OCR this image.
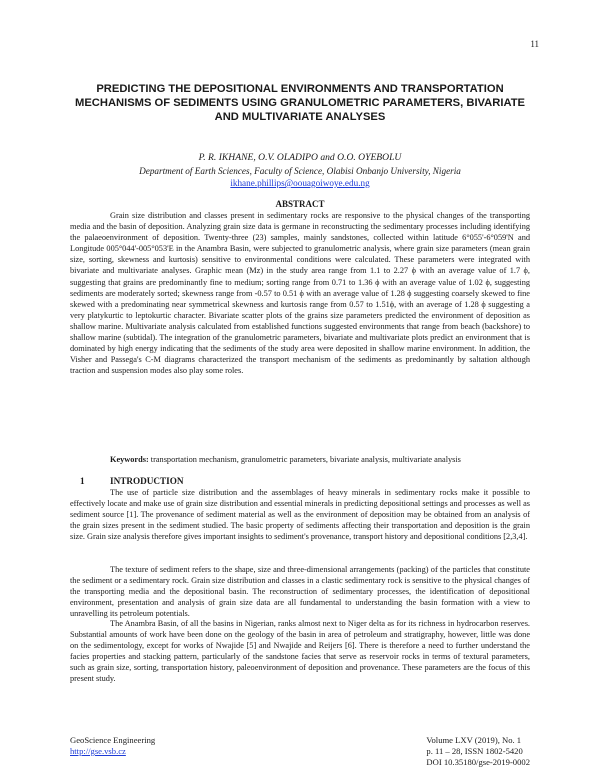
11
PREDICTING THE DEPOSITIONAL ENVIRONMENTS AND TRANSPORTATION MECHANISMS OF SEDIMENTS USING GRANULOMETRIC PARAMETERS, BIVARIATE AND MULTIVARIATE ANALYSES
P. R. IKHANE, O.V. OLADIPO and O.O. OYEBOLU
Department of Earth Sciences, Faculty of Science, Olabisi Onbanjo University, Nigeria
ikhane.phillips@oouagoiwoye.edu.ng
ABSTRACT

Grain size distribution and classes present in sedimentary rocks are responsive to the physical changes of the transporting media and the basin of deposition. Analyzing grain size data is germane in reconstructing the sedimentary processes including identifying the palaeoenvironment of deposition. Twenty-three (23) samples, mainly sandstones, collected within latitude 6°055'-6°059'N and Longitude 005°044'-005°053'E in the Anambra Basin, were subjected to granulometric analysis, where grain size parameters (mean grain size, sorting, skewness and kurtosis) sensitive to environmental conditions were calculated. These parameters were integrated with bivariate and multivariate analyses. Graphic mean (Mz) in the study area range from 1.1 to 2.27 ϕ with an average value of 1.7 ϕ, suggesting that grains are predominantly fine to medium; sorting range from 0.71 to 1.36 ϕ with an average value of 1.02 ϕ, suggesting sediments are moderately sorted; skewness range from -0.57 to 0.51 ϕ with an average value of 1.28 ϕ suggesting coarsely skewed to fine skewed with a predominating near symmetrical skewness and kurtosis range from 0.57 to 1.51ϕ, with an average of 1.28 ϕ suggesting a very platykurtic to leptokurtic character. Bivariate scatter plots of the grains size parameters predicted the environment of deposition as shallow marine. Multivariate analysis calculated from established functions suggested environments that range from beach (backshore) to shallow marine (subtidal). The integration of the granulometric parameters, bivariate and multivariate plots predict an environment that is dominated by high energy indicating that the sediments of the study area were deposited in shallow marine environment. In addition, the Visher and Passega's C-M diagrams characterized the transport mechanism of the sediments as predominantly by saltation although traction and suspension modes also play some roles.

Keywords: transportation mechanism, granulometric parameters, bivariate analysis, multivariate analysis

1	INTRODUCTION

The use of particle size distribution and the assemblages of heavy minerals in sedimentary rocks make it possible to effectively locate and make use of grain size distribution and essential minerals in predicting depositional settings and processes as well as sediment source [1]. The provenance of sediment material as well as the environment of deposition may be obtained from an analysis of the grain sizes present in the sediment studied. The basic property of sediments affecting their transportation and deposition is the grain size. Grain size analysis therefore gives important insights to sediment's provenance, transport history and depositional conditions [2,3,4].

The texture of sediment refers to the shape, size and three-dimensional arrangements (packing) of the particles that constitute the sediment or a sedimentary rock. Grain size distribution and classes in a clastic sedimentary rock is sensitive to the physical changes of the transporting media and the depositional basin. The reconstruction of sedimentary processes, the identification of depositional environment, presentation and analysis of grain size data are all fundamental to understanding the basin formation with a view to unravelling its petroleum potentials.

The Anambra Basin, of all the basins in Nigerian, ranks almost next to Niger delta as for its richness in hydrocarbon reserves. Substantial amounts of work have been done on the geology of the basin in area of petroleum and stratigraphy, however, little was done on the sedimentology, except for works of Nwajide [5] and Nwajide and Reijers [6]. There is therefore a need to further understand the facies properties and stacking pattern, particularly of the sandstone facies that serve as reservoir rocks in terms of textural parameters, such as grain size, sorting, transportation history, paleoenvironment of deposition and provenance. These parameters are the focus of this present study.

GeoScience Engineering
http://gse.vsb.cz
Volume LXV (2019), No. 1
p. 11 – 28, ISSN 1802-5420
DOI 10.35180/gse-2019-0002
